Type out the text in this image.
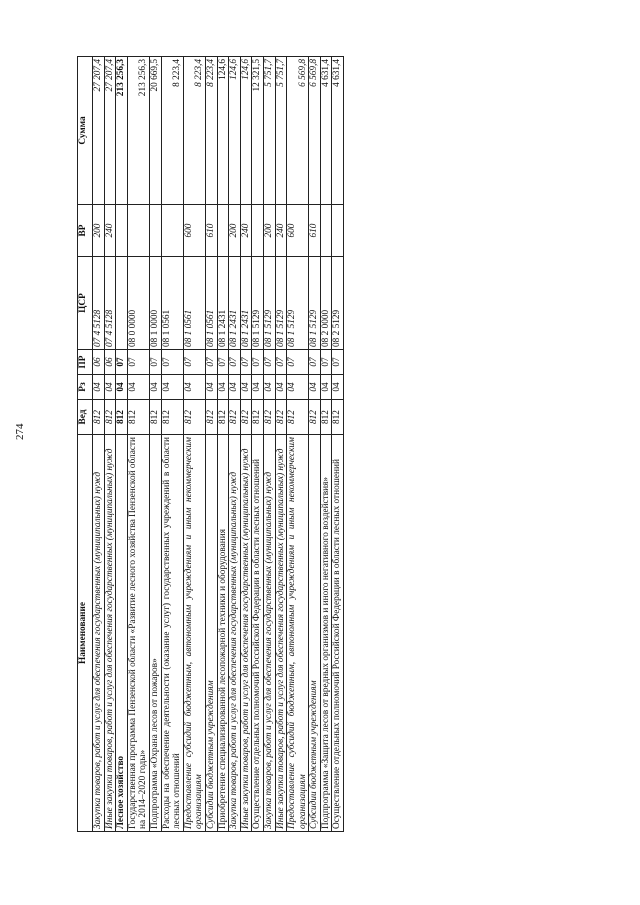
274
Наименование	Вед	Рз	ПР	ЦСР	ВР	Сумма
Закупка товаров, работ и услуг для обеспечения государственных (муниципальных) нужд	812	04	06	07 4 5128	200	27 207,4
Иные закупки товаров, работ и услуг для обеспечения государственных (муниципальных) нужд	812	04	06	07 4 5128	240	27 207,4
Лесное хозяйство	812	04	07			213 256,3
Государственная программа Пензенской области «Развитие лесного хозяйства Пензенской области на 2014–2020 годы»	812	04	07	08 0 0000		213 256,3
Подпрограмма «Охрана лесов от пожаров»	812	04	07	08 1 0000		20 669,5
Расходы на обеспечение деятельности (оказание услуг) государственных учреждений в области лесных отношений	812	04	07	08 1 0561		8 223,4
Предоставление субсидий бюджетным, автономным учреждениям и иным некоммерческим организациям	812	04	07	08 1 0561	600	8 223,4
Субсидии бюджетным учреждениям	812	04	07	08 1 0561	610	8 223,4
Приобретение специализированной лесопожарной техники и оборудования	812	04	07	08 1 2431		124,6
Закупка товаров, работ и услуг для обеспечения государственных (муниципальных) нужд	812	04	07	08 1 2431	200	124,6
Иные закупки товаров, работ и услуг для обеспечения государственных (муниципальных) нужд	812	04	07	08 1 2431	240	124,6
Осуществление отдельных полномочий Российской Федерации в области лесных отношений	812	04	07	08 1 5129		12 321,5
Закупка товаров, работ и услуг для обеспечения государственных (муниципальных) нужд	812	04	07	08 1 5129	200	5 751,7
Иные закупки товаров, работ и услуг для обеспечения государственных (муниципальных) нужд	812	04	07	08 1 5129	240	5 751,7
Предоставление субсидий бюджетным, автономным учреждениям и иным некоммерческим организациям	812	04	07	08 1 5129	600	6 569,8
Субсидии бюджетным учреждениям	812	04	07	08 1 5129	610	6 569,8
Подпрограмма «Защита лесов от вредных организмов и иного негативного воздействия»	812	04	07	08 2 0000		4 631,4
Осуществление отдельных полномочий Российской Федерации в области лесных отношений	812	04	07	08 2 5129		4 631,4
